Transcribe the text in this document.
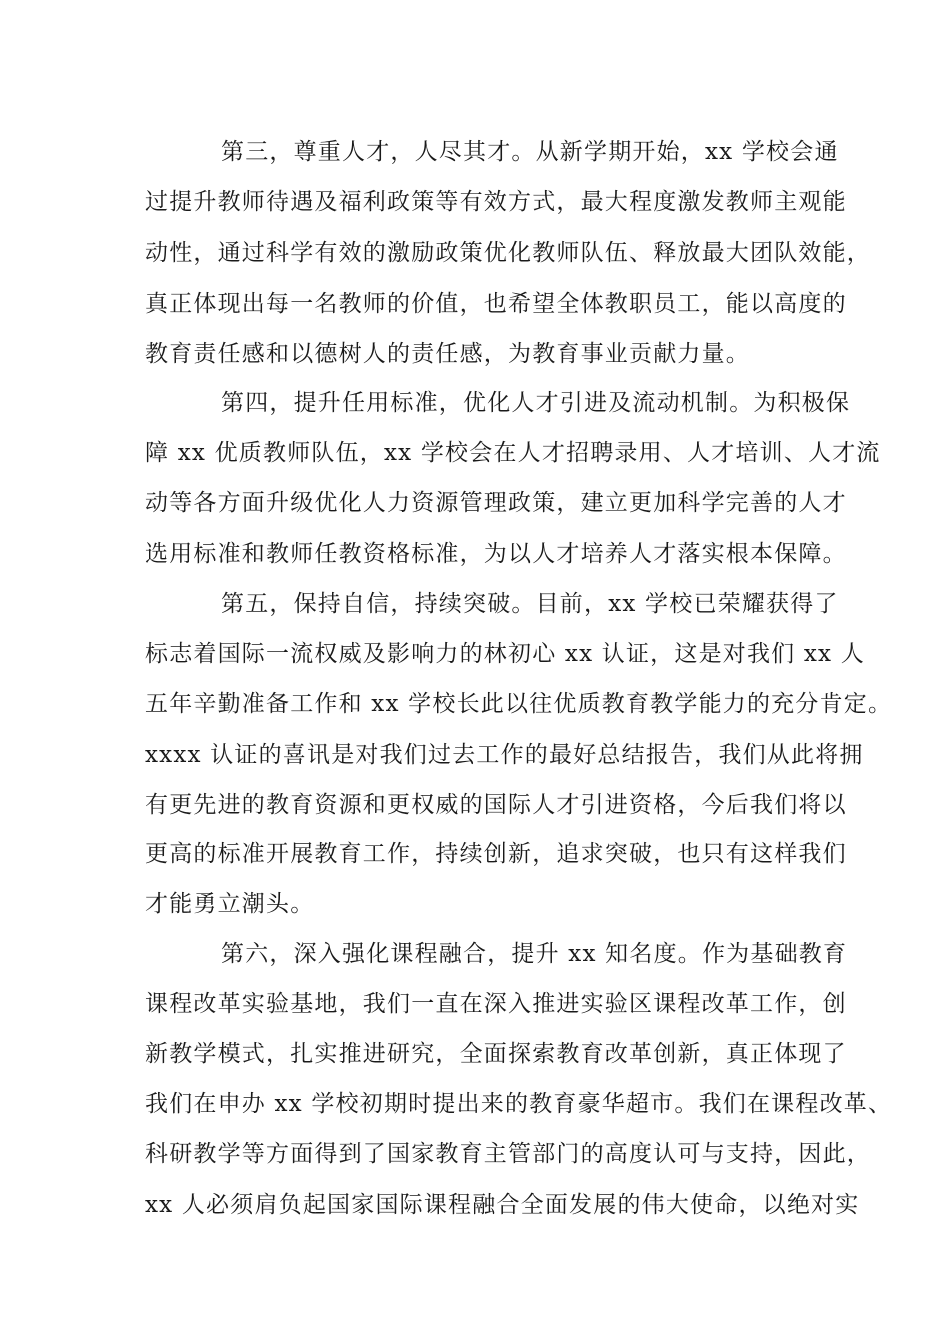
第三，尊重人才，人尽其才。从新学期开始，xx 学校会通
过提升教师待遇及福利政策等有效方式，最大程度激发教师主观能
动性，通过科学有效的激励政策优化教师队伍、释放最大团队效能，
真正体现出每一名教师的价值，也希望全体教职员工，能以高度的
教育责任感和以德树人的责任感，为教育事业贡献力量。
第四，提升任用标准，优化人才引进及流动机制。为积极保
障 xx 优质教师队伍，xx 学校会在人才招聘录用、人才培训、人才流
动等各方面升级优化人力资源管理政策，建立更加科学完善的人才
选用标准和教师任教资格标准，为以人才培养人才落实根本保障。
第五，保持自信，持续突破。目前，xx 学校已荣耀获得了
标志着国际一流权威及影响力的林初心 xx 认证，这是对我们 xx 人
五年辛勤准备工作和 xx 学校长此以往优质教育教学能力的充分肯定。
xxxx 认证的喜讯是对我们过去工作的最好总结报告，我们从此将拥
有更先进的教育资源和更权威的国际人才引进资格，今后我们将以
更高的标准开展教育工作，持续创新，追求突破，也只有这样我们
才能勇立潮头。
第六，深入强化课程融合，提升 xx 知名度。作为基础教育
课程改革实验基地，我们一直在深入推进实验区课程改革工作，创
新教学模式，扎实推进研究，全面探索教育改革创新，真正体现了
我们在申办 xx 学校初期时提出来的教育豪华超市。我们在课程改革、
科研教学等方面得到了国家教育主管部门的高度认可与支持，因此，
xx 人必须肩负起国家国际课程融合全面发展的伟大使命，以绝对实
